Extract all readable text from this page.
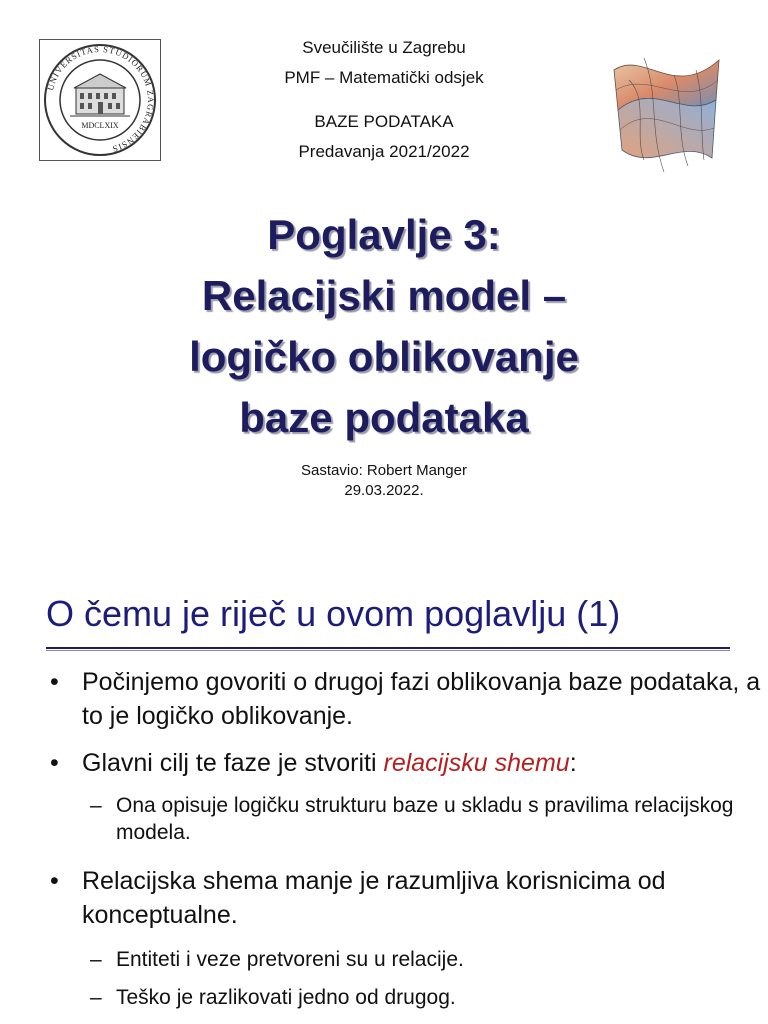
MDCLXIX
UNIVERSITAS STUDIORUM ZAGRABIENSIS
Sveučilište u Zagrebu
PMF – Matematički odsjek
BAZE PODATAKA
Predavanja 2021/2022
Poglavlje 3:
Relacijski model –
logičko oblikovanje
baze podataka
Sastavio: Robert Manger
29.03.2022.
O čemu je riječ u ovom poglavlju (1)
• Počinjemo govoriti o drugoj fazi oblikovanja baze podataka, a to je logičko oblikovanje.
• Glavni cilj te faze je stvoriti relacijsku shemu:
– Ona opisuje logičku strukturu baze u skladu s pravilima relacijskog modela.
• Relacijska shema manje je razumljiva korisnicima od konceptualne.
– Entiteti i veze pretvoreni su u relacije.
– Teško je razlikovati jedno od drugog.
